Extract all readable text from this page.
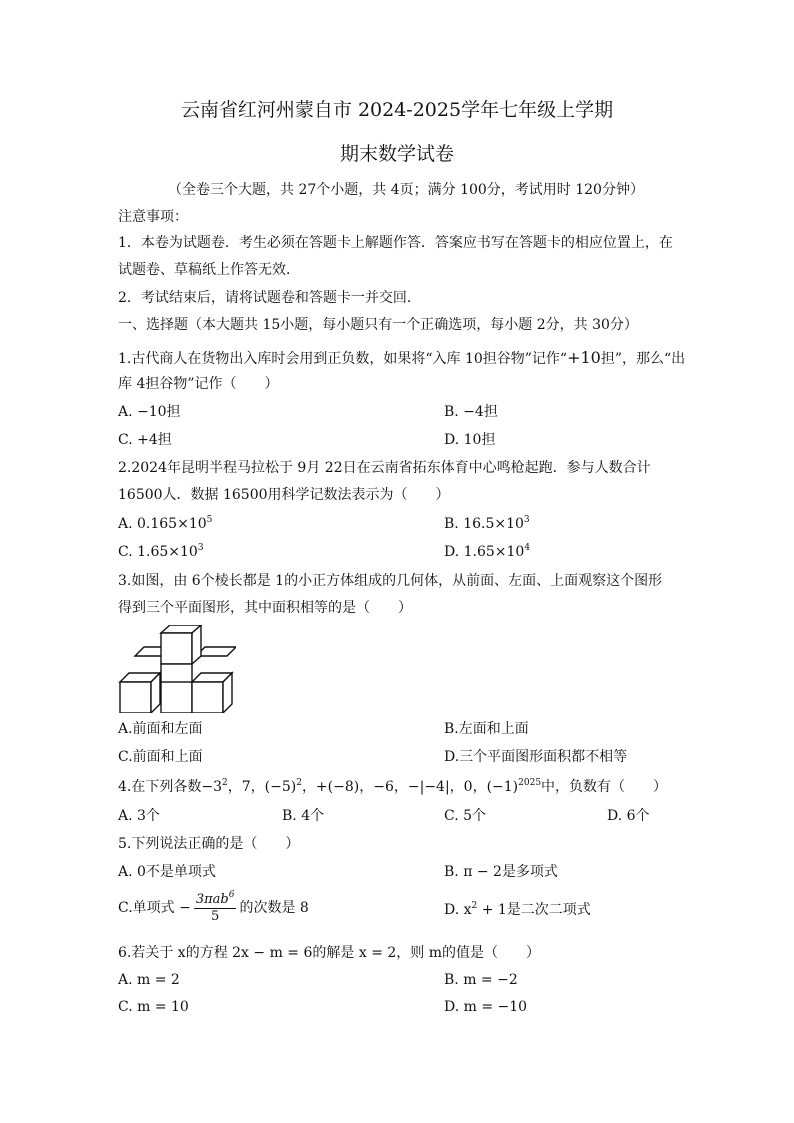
云南省红河州蒙自市 2024-2025学年七年级上学期
期末数学试卷
（全卷三个大题，共 27个小题，共 4页；满分 100分，考试用时 120分钟）
注意事项：
1．本卷为试题卷．考生必须在答题卡上解题作答．答案应书写在答题卡的相应位置上，在
试题卷、草稿纸上作答无效．
2．考试结束后，请将试题卷和答题卡一并交回．
一、选择题（本大题共 15小题，每小题只有一个正确选项，每小题 2分，共 30分）
1.古代商人在货物出入库时会用到正负数，如果将“入库 10担谷物”记作“+10担”，那么“出
库 4担谷物”记作（　　）
A. −10担	B. −4担
C. +4担	D. 10担
2.2024年昆明半程马拉松于 9月 22日在云南省拓东体育中心鸣枪起跑．参与人数合计
16500人．数据 16500用科学记数法表示为（　　）
A. $0.165\times 10^5$	B. $16.5\times 10^3$
C. $1.65\times 10^3$	D. $1.65\times 10^4$
3.如图，由 6个棱长都是 1的小正方体组成的几何体，从前面、左面、上面观察这个图形
得到三个平面图形，其中面积相等的是（　　）
A.前面和左面	B.左面和上面
C.前面和上面	D.三个平面图形面积都不相等
4.在下列各数$-3^2$，7，$(-5)^2$，+(−8)，−6，−|−4|，0，$(-1)^{2025}$中，负数有（　　）
A. 3个	B. 4个	C. 5个	D. 6个
5.下列说法正确的是（　　）
A. 0不是单项式	B. π − 2是多项式
C.单项式 − $\frac{3\pi ab^6}{5}$ 的次数是 8	D. $x^2 + 1$是二次二项式
6.若关于 x的方程 2x − m = 6的解是 x = 2，则 m的值是（　　）
A. m = 2	B. m = −2
C. m = 10	D. m = −10
